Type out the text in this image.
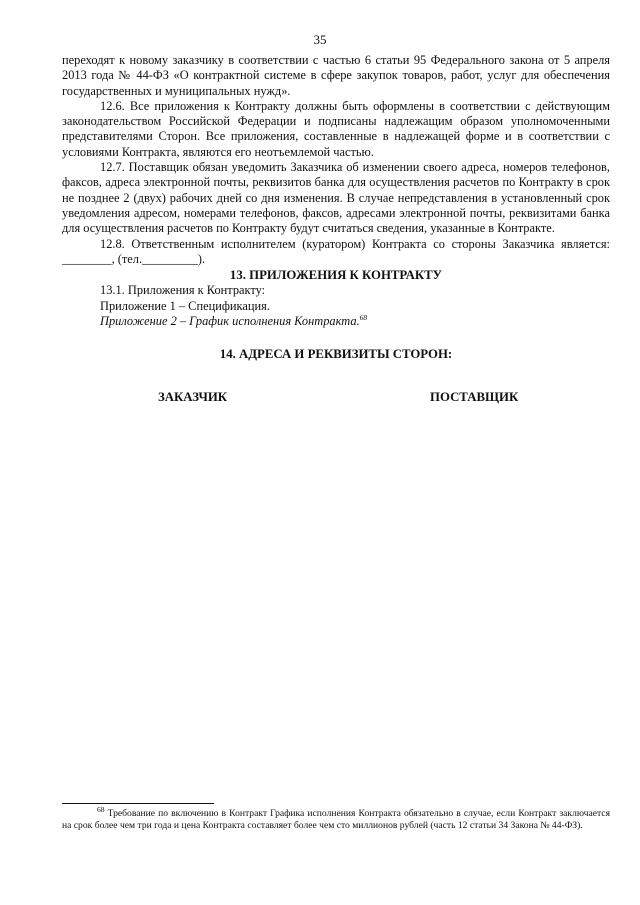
35

переходят к новому заказчику в соответствии с частью 6 статьи 95 Федерального закона от 5 апреля 2013 года № 44-ФЗ «О контрактной системе в сфере закупок товаров, работ, услуг для обеспечения государственных и муниципальных нужд».

12.6. Все приложения к Контракту должны быть оформлены в соответствии с действующим законодательством Российской Федерации и подписаны надлежащим образом уполномоченными представителями Сторон. Все приложения, составленные в надлежащей форме и в соответствии с условиями Контракта, являются его неотъемлемой частью.

12.7. Поставщик обязан уведомить Заказчика об изменении своего адреса, номеров телефонов, факсов, адреса электронной почты, реквизитов банка для осуществления расчетов по Контракту в срок не позднее 2 (двух) рабочих дней со дня изменения. В случае непредставления в установленный срок уведомления адресом, номерами телефонов, факсов, адресами электронной почты, реквизитами банка для осуществления расчетов по Контракту будут считаться сведения, указанные в Контракте.

12.8. Ответственным исполнителем (куратором) Контракта со стороны Заказчика является: ________, (тел._________).

13. ПРИЛОЖЕНИЯ К КОНТРАКТУ

13.1. Приложения к Контракту:

Приложение 1 – Спецификация.

Приложение 2 – График исполнения Контракта.$^{68}$

14. АДРЕСА И РЕКВИЗИТЫ СТОРОН:
ЗАКАЗЧИК	ПОСТАВЩИК
$^{68}$ Требование по включению в Контракт Графика исполнения Контракта обязательно в случае, если Контракт заключается на срок более чем три года и цена Контракта составляет более чем сто миллионов рублей (часть 12 статьи 34 Закона № 44-ФЗ).
